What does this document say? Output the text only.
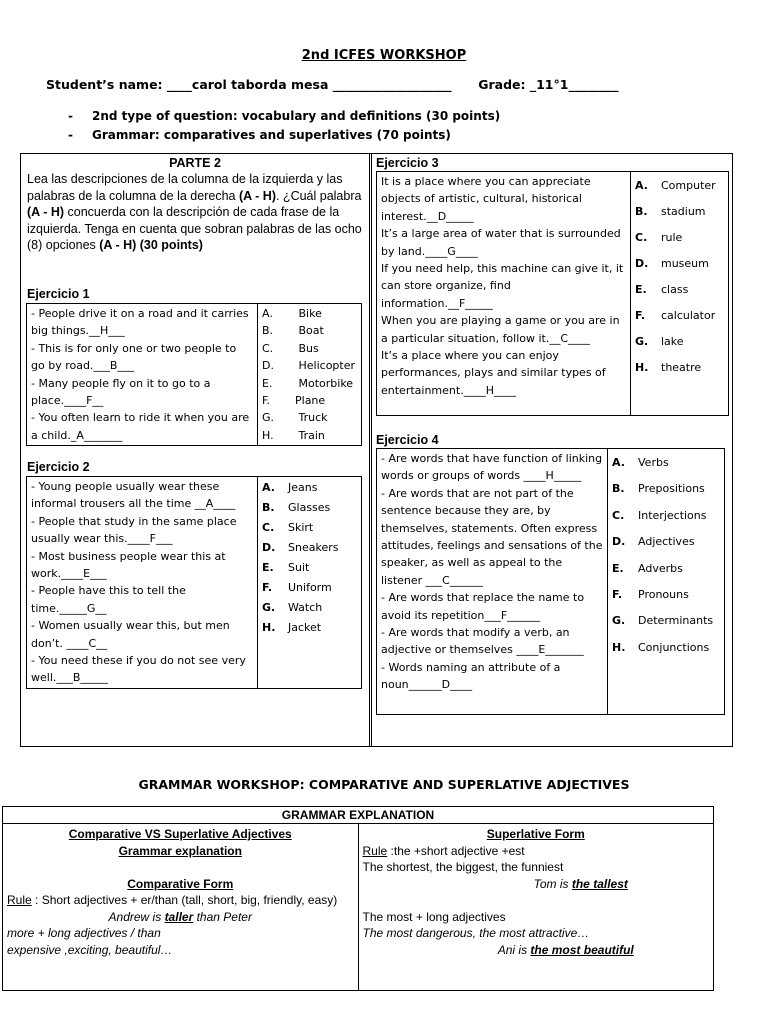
2nd ICFES WORKSHOP
Student’s name: ____carol taborda mesa ___________________ Grade: _11°1________
- 2nd type of question: vocabulary and definitions (30 points)
- Grammar: comparatives and superlatives (70 points)
PARTE 2
Lea las descripciones de la columna de la izquierda y las palabras de la columna de la derecha (A - H). ¿Cuál palabra (A - H) concuerda con la descripción de cada frase de la izquierda. Tenga en cuenta que sobran palabras de las ocho (8) opciones (A - H) (30 points)
Ejercicio 1
- People drive it on a road and it carries big things.__H___
- This is for only one or two people to go by road.___B___
- Many people fly on it to go to a place.____F__
- You often learn to ride it when you are a child._A_______

A. Bike
B. Boat
C. Bus
D. Helicopter
E. Motorbike
F. Plane
G. Truck
H. Train
Ejercicio 2
- Young people usually wear these informal trousers all the time __A____
- People that study in the same place usually wear this.____F___
- Most business people wear this at work.____E___
- People have this to tell the time._____G__
- Women usually wear this, but men don’t. ____C__
- You need these if you do not see very well.___B_____

A. Jeans
B. Glasses
C. Skirt
D. Sneakers
E. Suit
F. Uniform
G. Watch
H. Jacket
Ejercicio 3
It is a place where you can appreciate objects of artistic, cultural, historical interest.__D_____
It’s a large area of water that is surrounded by land.____G____
If you need help, this machine can give it, it can store organize, find information.__F_____
When you are playing a game or you are in a particular situation, follow it.__C____
It’s a place where you can enjoy performances, plays and similar types of entertainment.____H____

A. Computer
B. stadium
C. rule
D. museum
E. class
F. calculator
G. lake
H. theatre
Ejercicio 4
- Are words that have function of linking words or groups of words ____H_____
- Are words that are not part of the sentence because they are, by themselves, statements. Often express attitudes, feelings and sensations of the speaker, as well as appeal to the listener ___C______
- Are words that replace the name to avoid its repetition___F______
- Are words that modify a verb, an adjective or themselves ____E_______
- Words naming an attribute of a noun______D____

A. Verbs
B. Prepositions
C. Interjections
D. Adjectives
E. Adverbs
F. Pronouns
G. Determinants
H. Conjunctions
GRAMMAR WORKSHOP: COMPARATIVE AND SUPERLATIVE ADJECTIVES
GRAMMAR EXPLANATION

Comparative VS Superlative Adjectives
Grammar explanation
Comparative Form
Rule : Short adjectives + er/than (tall, short, big, friendly, easy)
Andrew is taller than Peter
more + long adjectives / than
expensive ,exciting, beautiful…

Superlative Form
Rule :the +short adjective +est
The shortest, the biggest, the funniest
Tom is the tallest
The most + long adjectives
The most dangerous, the most attractive…
Ani is the most beautiful
